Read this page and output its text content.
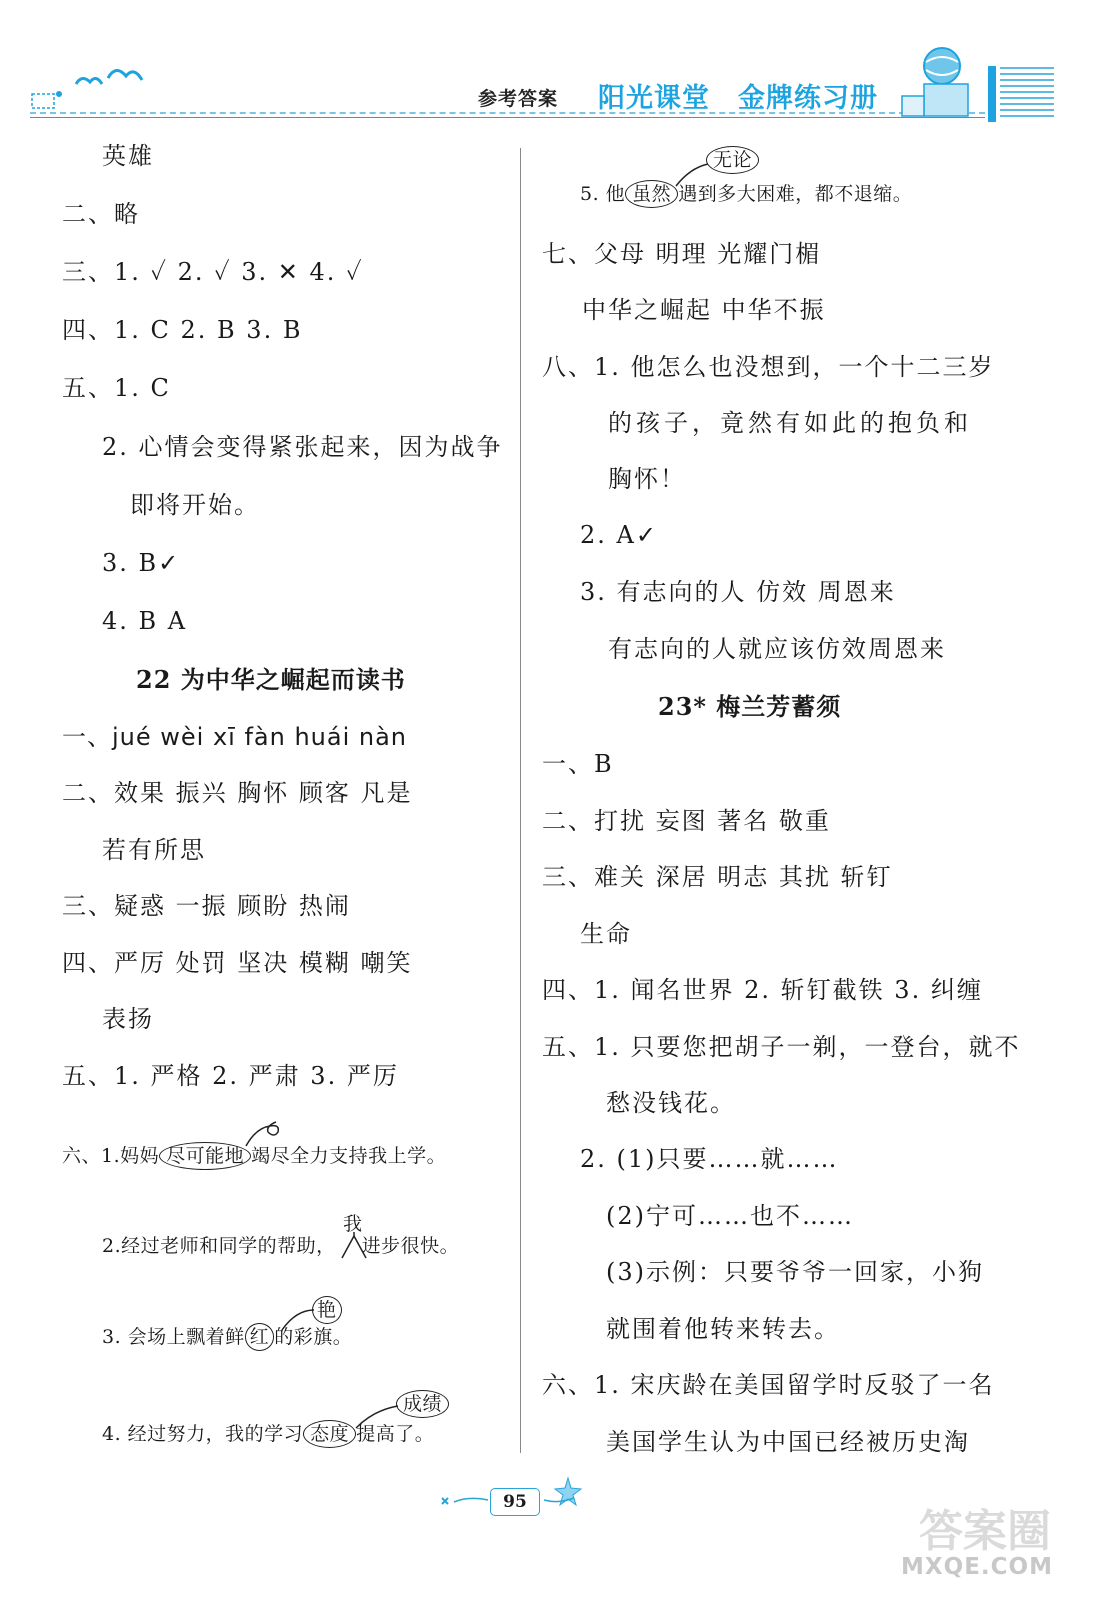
参考答案 阳光课堂 金牌练习册
英雄
二、略
三、1. ✓ 2. ✓ 3. ✕ 4. ✓
四、1. C 2. B 3. B
五、1. C
2. 心情会变得紧张起来，因为战争
即将开始。
3. B✓
4. B A
22 为中华之崛起而读书
一、jué wèi xī fàn huái nàn
二、效果 振兴 胸怀 顾客 凡是
若有所思
三、疑惑 一振 顾盼 热闹
四、严厉 处罚 坚决 模糊 嘲笑
表扬
五、1. 严格 2. 严肃 3. 严厉
六、1.妈妈 尽可能地 竭尽全力支持我上学。
2.经过老师和同学的帮助， 进步很快。
我
3. 会场上飘着鲜 红 的彩旗。
艳
4. 经过努力，我的学习 态度 提高了。
成绩
5. 他 虽然 遇到多大困难，都不退缩。
无论
七、父母 明理 光耀门楣
中华之崛起 中华不振
八、1. 他怎么也没想到，一个十二三岁
的孩子，竟然有如此的抱负和
胸怀！
2. A✓
3. 有志向的人 仿效 周恩来
有志向的人就应该仿效周恩来
23* 梅兰芳蓄须
一、B
二、打扰 妄图 著名 敬重
三、难关 深居 明志 其扰 斩钉
生命
四、1. 闻名世界 2. 斩钉截铁 3. 纠缠
五、1. 只要您把胡子一剃，一登台，就不
愁没钱花。
2. (1)只要……就……
(2)宁可……也不……
(3)示例：只要爷爷一回家，小狗
就围着他转来转去。
六、1. 宋庆龄在美国留学时反驳了一名
美国学生认为中国已经被历史淘
95
答案圈
MXQE.COM
